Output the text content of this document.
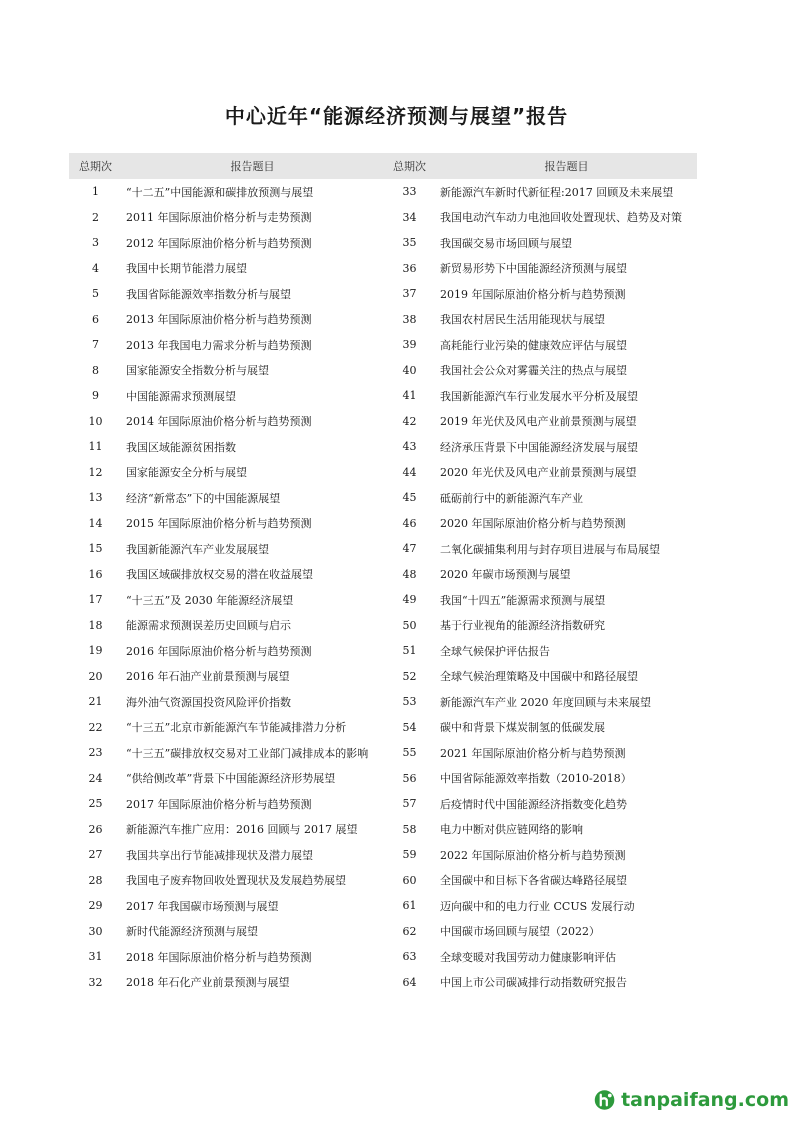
中心近年“能源经济预测与展望”报告
总期次	报告题目	总期次	报告题目
1	“十二五”中国能源和碳排放预测与展望	33	新能源汽车新时代新征程:2017 回顾及未来展望
2	2011 年国际原油价格分析与走势预测	34	我国电动汽车动力电池回收处置现状、趋势及对策
3	2012 年国际原油价格分析与趋势预测	35	我国碳交易市场回顾与展望
4	我国中长期节能潜力展望	36	新贸易形势下中国能源经济预测与展望
5	我国省际能源效率指数分析与展望	37	2019 年国际原油价格分析与趋势预测
6	2013 年国际原油价格分析与趋势预测	38	我国农村居民生活用能现状与展望
7	2013 年我国电力需求分析与趋势预测	39	高耗能行业污染的健康效应评估与展望
8	国家能源安全指数分析与展望	40	我国社会公众对雾霾关注的热点与展望
9	中国能源需求预测展望	41	我国新能源汽车行业发展水平分析及展望
10	2014 年国际原油价格分析与趋势预测	42	2019 年光伏及风电产业前景预测与展望
11	我国区域能源贫困指数	43	经济承压背景下中国能源经济发展与展望
12	国家能源安全分析与展望	44	2020 年光伏及风电产业前景预测与展望
13	经济“新常态”下的中国能源展望	45	砥砺前行中的新能源汽车产业
14	2015 年国际原油价格分析与趋势预测	46	2020 年国际原油价格分析与趋势预测
15	我国新能源汽车产业发展展望	47	二氧化碳捕集利用与封存项目进展与布局展望
16	我国区域碳排放权交易的潜在收益展望	48	2020 年碳市场预测与展望
17	“十三五”及 2030 年能源经济展望	49	我国“十四五”能源需求预测与展望
18	能源需求预测误差历史回顾与启示	50	基于行业视角的能源经济指数研究
19	2016 年国际原油价格分析与趋势预测	51	全球气候保护评估报告
20	2016 年石油产业前景预测与展望	52	全球气候治理策略及中国碳中和路径展望
21	海外油气资源国投资风险评价指数	53	新能源汽车产业 2020 年度回顾与未来展望
22	“十三五”北京市新能源汽车节能减排潜力分析	54	碳中和背景下煤炭制氢的低碳发展
23	“十三五”碳排放权交易对工业部门减排成本的影响	55	2021 年国际原油价格分析与趋势预测
24	“供给侧改革”背景下中国能源经济形势展望	56	中国省际能源效率指数（2010-2018）
25	2017 年国际原油价格分析与趋势预测	57	后疫情时代中国能源经济指数变化趋势
26	新能源汽车推广应用：2016 回顾与 2017 展望	58	电力中断对供应链网络的影响
27	我国共享出行节能减排现状及潜力展望	59	2022 年国际原油价格分析与趋势预测
28	我国电子废弃物回收处置现状及发展趋势展望	60	全国碳中和目标下各省碳达峰路径展望
29	2017 年我国碳市场预测与展望	61	迈向碳中和的电力行业 CCUS 发展行动
30	新时代能源经济预测与展望	62	中国碳市场回顾与展望（2022）
31	2018 年国际原油价格分析与趋势预测	63	全球变暖对我国劳动力健康影响评估
32	2018 年石化产业前景预测与展望	64	中国上市公司碳减排行动指数研究报告
tanpaifang.com
